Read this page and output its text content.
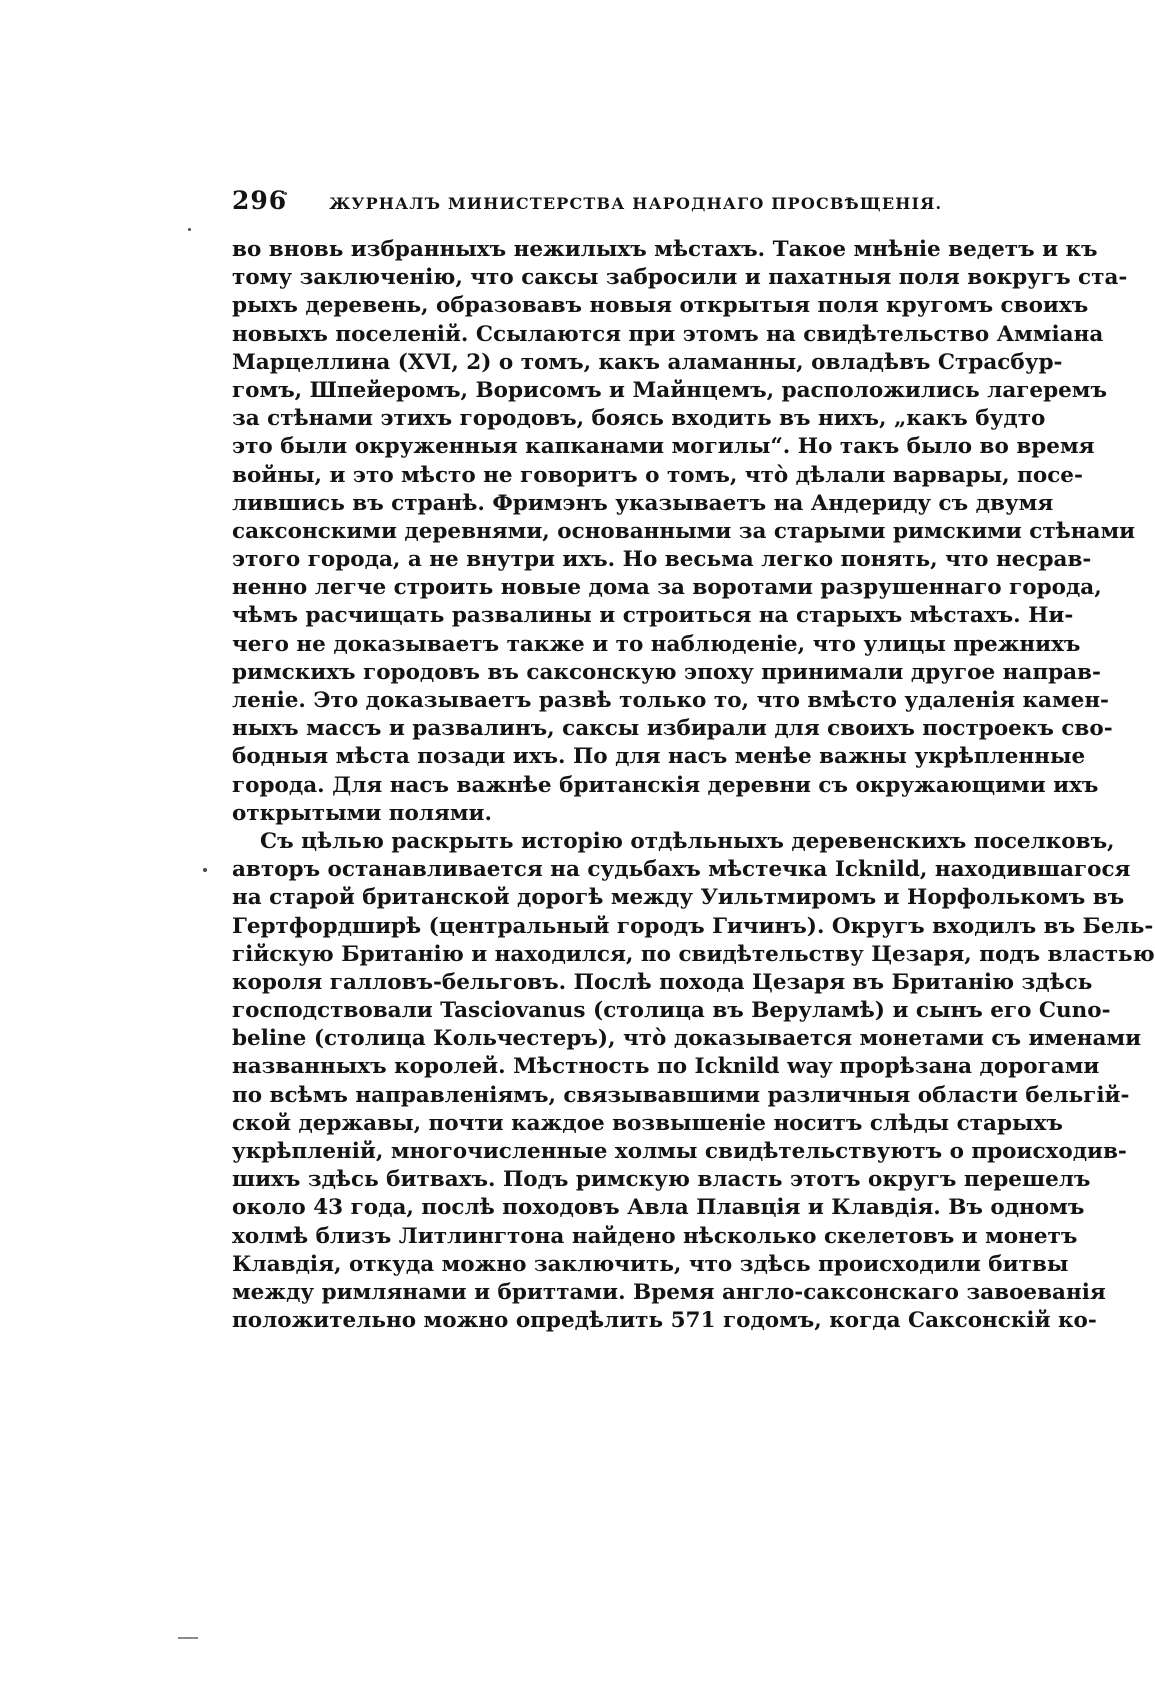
296	ЖУРНАЛЪ МИНИСТЕРСТВА НАРОДНАГО ПРОСВѢЩЕНІЯ.
во вновь избранныхъ нежилыхъ мѣстахъ. Такое мнѣніе ведетъ и къ
тому заключенію, что саксы забросили и пахатныя поля вокругъ ста-
рыхъ деревень, образовавъ новыя открытыя поля кругомъ своихъ
новыхъ поселеній. Ссылаются при этомъ на свидѣтельство Амміана
Марцеллина (XVI, 2) о томъ, какъ аламанны, овладѣвъ Страсбур-
гомъ, Шпейеромъ, Ворисомъ и Майнцемъ, расположились лагеремъ
за стѣнами этихъ городовъ, боясь входить въ нихъ, „какъ будто
это были окруженныя капканами могилы“. Но такъ было во время
войны, и это мѣсто не говоритъ о томъ, что̀ дѣлали варвары, посе-
лившись въ странѣ. Фримэнъ указываетъ на Андериду съ двумя
саксонскими деревнями, основанными за старыми римскими стѣнами
этого города, а не внутри ихъ. Но весьма легко понять, что несрав-
ненно легче строить новые дома за воротами разрушеннаго города,
чѣмъ расчищать развалины и строиться на старыхъ мѣстахъ. Ни-
чего не доказываетъ также и то наблюденіе, что улицы прежнихъ
римскихъ городовъ въ саксонскую эпоху принимали другое направ-
леніе. Это доказываетъ развѣ только то, что вмѣсто удаленія камен-
ныхъ массъ и развалинъ, саксы избирали для своихъ построекъ сво-
бодныя мѣста позади ихъ. По для насъ менѣе важны укрѣпленные
города. Для насъ важнѣе британскія деревни съ окружающими ихъ
открытыми полями.
Съ цѣлью раскрыть исторію отдѣльныхъ деревенскихъ поселковъ,
авторъ останавливается на судьбахъ мѣстечка Icknild, находившагося
на старой британской дорогѣ между Уильтмиромъ и Норфолькомъ въ
Гертфордширѣ (центральный городъ Гичинъ). Округъ входилъ въ Бель-
гійскую Британію и находился, по свидѣтельству Цезаря, подъ властью
короля галловъ-бельговъ. Послѣ похода Цезаря въ Британію здѣсь
господствовали Tasciovanus (столица въ Веруламѣ) и сынъ его Cuno-
beline (столица Кольчестеръ), что̀ доказывается монетами съ именами
названныхъ королей. Мѣстность по Icknild way прорѣзана дорогами
по всѣмъ направленіямъ, связывавшими различныя области бельгій-
ской державы, почти каждое возвышеніе носитъ слѣды старыхъ
укрѣпленій, многочисленные холмы свидѣтельствуютъ о происходив-
шихъ здѣсь битвахъ. Подъ римскую власть этотъ округъ перешелъ
около 43 года, послѣ походовъ Авла Плавція и Клавдія. Въ одномъ
холмѣ близъ Литлингтона найдено нѣсколько скелетовъ и монетъ
Клавдія, откуда можно заключить, что здѣсь происходили битвы
между римлянами и бриттами. Время англо-саксонскаго завоеванія
положительно можно опредѣлить 571 годомъ, когда Саксонскій ко-
